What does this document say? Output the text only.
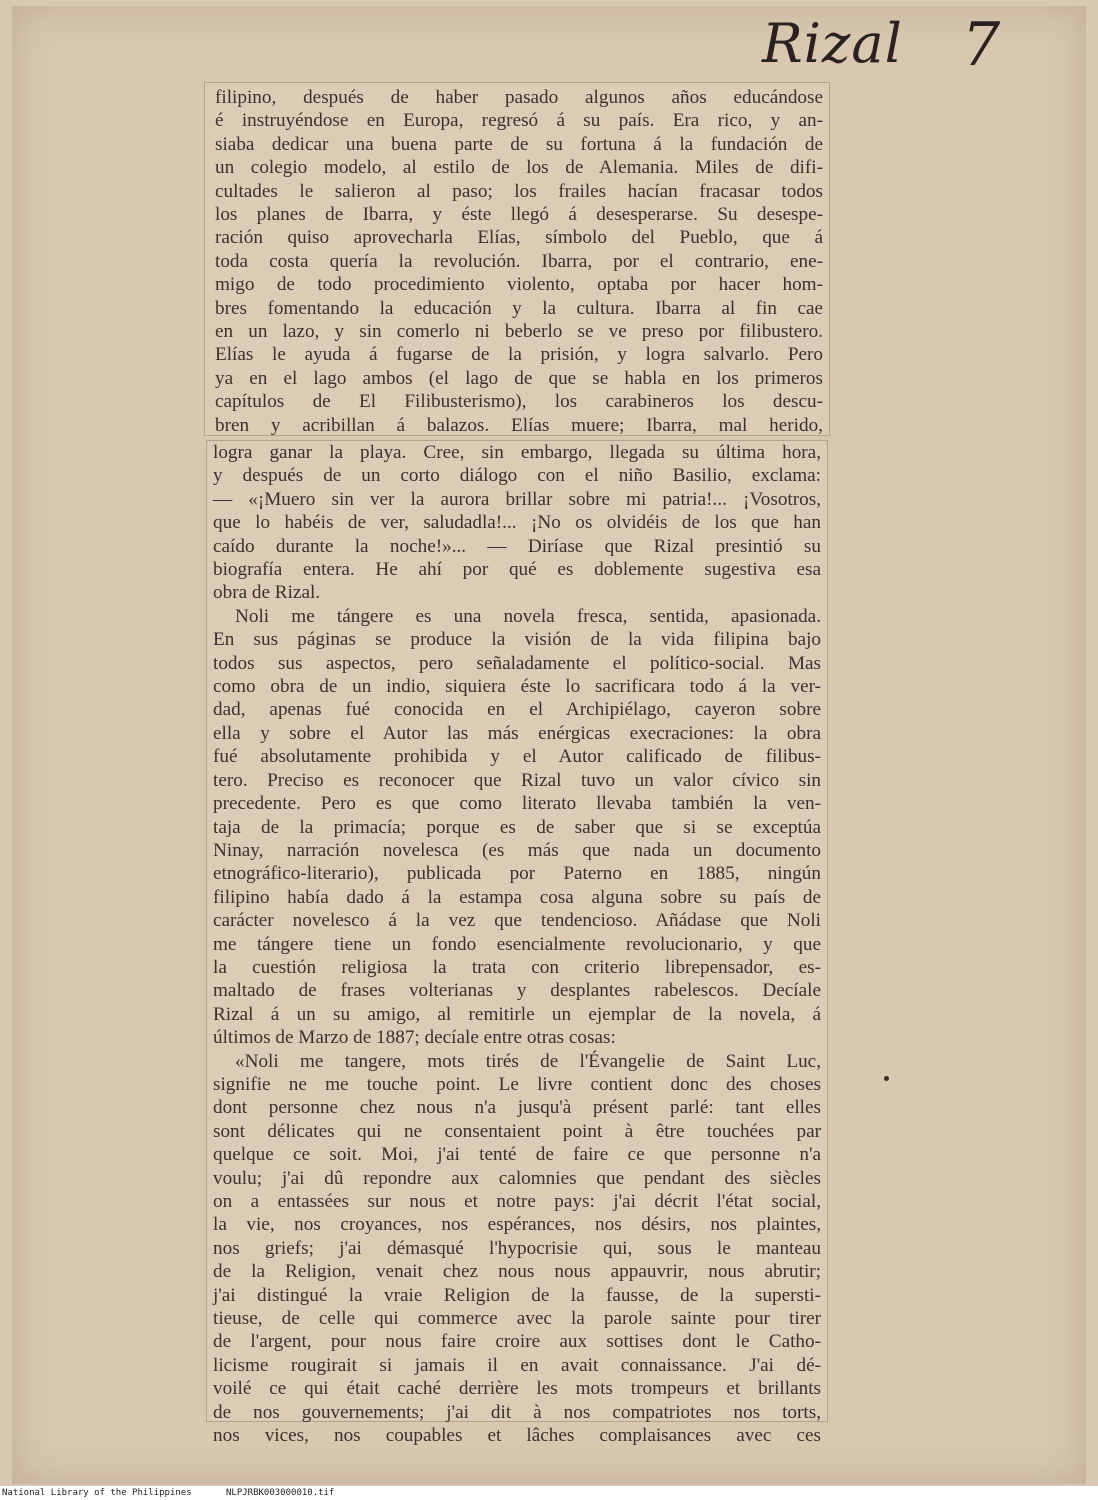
Rizal 7
filipino, después de haber pasado algunos años educándose
é instruyéndose en Europa, regresó á su país. Era rico, y an-
siaba dedicar una buena parte de su fortuna á la fundación de
un colegio modelo, al estilo de los de Alemania. Miles de difi-
cultades le salieron al paso; los frailes hacían fracasar todos
los planes de Ibarra, y éste llegó á desesperarse. Su desespe-
ración quiso aprovecharla Elías, símbolo del Pueblo, que á
toda costa quería la revolución. Ibarra, por el contrario, ene-
migo de todo procedimiento violento, optaba por hacer hom-
bres fomentando la educación y la cultura. Ibarra al fin cae
en un lazo, y sin comerlo ni beberlo se ve preso por filibustero.
Elías le ayuda á fugarse de la prisión, y logra salvarlo. Pero
ya en el lago ambos (el lago de que se habla en los primeros
capítulos de El Filibusterismo), los carabineros los descu-
bren y acribillan á balazos. Elías muere; Ibarra, mal herido,
logra ganar la playa. Cree, sin embargo, llegada su última hora,
y después de un corto diálogo con el niño Basilio, exclama:
— «¡Muero sin ver la aurora brillar sobre mi patria!... ¡Vosotros,
que lo habéis de ver, saludadla!... ¡No os olvidéis de los que han
caído durante la noche!»... — Diríase que Rizal presintió su
biografía entera. He ahí por qué es doblemente sugestiva esa
obra de Rizal.
Noli me tángere es una novela fresca, sentida, apasionada.
En sus páginas se produce la visión de la vida filipina bajo
todos sus aspectos, pero señaladamente el político-social. Mas
como obra de un indio, siquiera éste lo sacrificara todo á la ver-
dad, apenas fué conocida en el Archipiélago, cayeron sobre
ella y sobre el Autor las más enérgicas execraciones: la obra
fué absolutamente prohibida y el Autor calificado de filibus-
tero. Preciso es reconocer que Rizal tuvo un valor cívico sin
precedente. Pero es que como literato llevaba también la ven-
taja de la primacía; porque es de saber que si se exceptúa
Ninay, narración novelesca (es más que nada un documento
etnográfico-literario), publicada por Paterno en 1885, ningún
filipino había dado á la estampa cosa alguna sobre su país de
carácter novelesco á la vez que tendencioso. Añádase que Noli
me tángere tiene un fondo esencialmente revolucionario, y que
la cuestión religiosa la trata con criterio librepensador, es-
maltado de frases volterianas y desplantes rabelescos. Decíale
Rizal á un su amigo, al remitirle un ejemplar de la novela, á
últimos de Marzo de 1887; decíale entre otras cosas:
«Noli me tangere, mots tirés de l'Évangelie de Saint Luc,
signifie ne me touche point. Le livre contient donc des choses
dont personne chez nous n'a jusqu'à présent parlé: tant elles
sont délicates qui ne consentaient point à être touchées par
quelque ce soit. Moi, j'ai tenté de faire ce que personne n'a
voulu; j'ai dû repondre aux calomnies que pendant des siècles
on a entassées sur nous et notre pays: j'ai décrit l'état social,
la vie, nos croyances, nos espérances, nos désirs, nos plaintes,
nos griefs; j'ai démasqué l'hypocrisie qui, sous le manteau
de la Religion, venait chez nous nous appauvrir, nous abrutir;
j'ai distingué la vraie Religion de la fausse, de la supersti-
tieuse, de celle qui commerce avec la parole sainte pour tirer
de l'argent, pour nous faire croire aux sottises dont le Catho-
licisme rougirait si jamais il en avait connaissance. J'ai dé-
voilé ce qui était caché derrière les mots trompeurs et brillants
de nos gouvernements; j'ai dit à nos compatriotes nos torts,
nos vices, nos coupables et lâches complaisances avec ces
National Library of the Philippines	NLPJRBK003000010.tif
